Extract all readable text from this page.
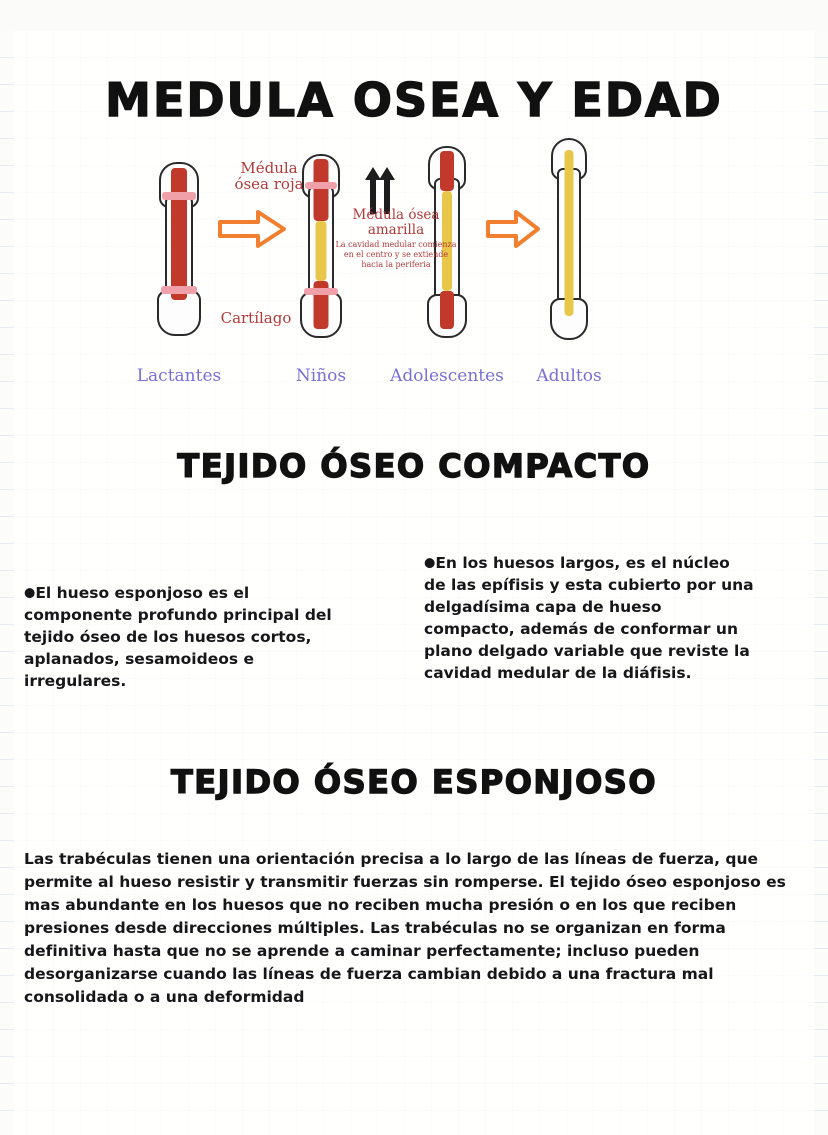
MEDULA OSEA Y EDAD
Lactantes	Niños	Adolescentes Adultos
Médula
ósea roja
Médula ósea
amarilla
La cavidad medular comienza en el centro y se extiende hacia la periferia
Cartílago
TEJIDO ÓSEO COMPACTO

●El hueso esponjoso es el componente profundo principal del tejido óseo de los huesos cortos, aplanados, sesamoideos e irregulares.

●En los huesos largos, es el núcleo de las epífisis y esta cubierto por una delgadísima capa de hueso compacto, además de conformar un plano delgado variable que reviste la cavidad medular de la diáfisis.

TEJIDO ÓSEO ESPONJOSO

Las trabéculas tienen una orientación precisa a lo largo de las líneas de fuerza, que permite al hueso resistir y transmitir fuerzas sin romperse. El tejido óseo esponjoso es mas abundante en los huesos que no reciben mucha presión o en los que reciben presiones desde direcciones múltiples. Las trabéculas no se organizan en forma definitiva hasta que no se aprende a caminar perfectamente; incluso pueden desorganizarse cuando las líneas de fuerza cambian debido a una fractura mal consolidada o a una deformidad
